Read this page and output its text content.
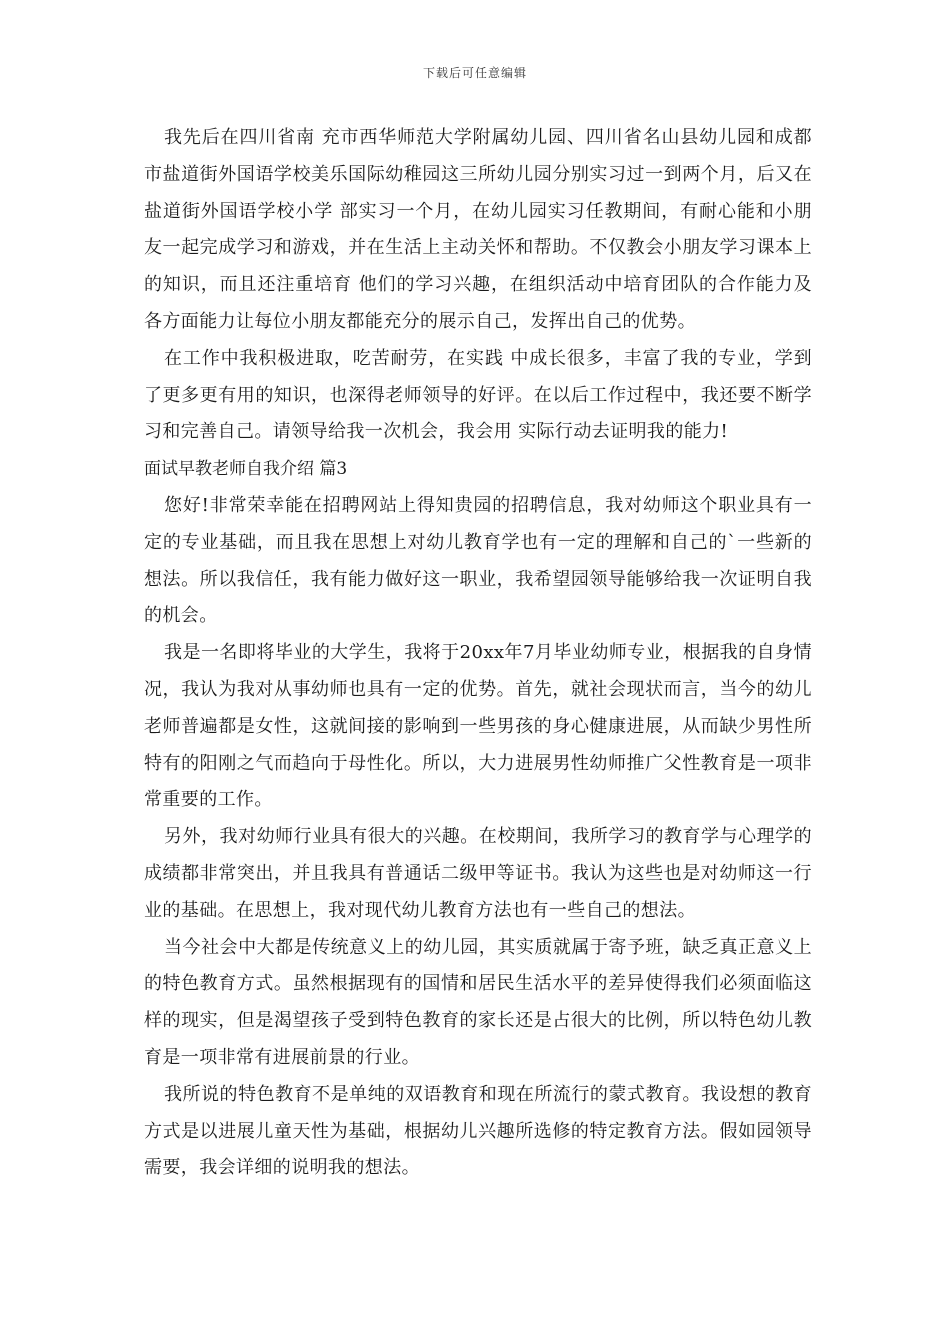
下载后可任意编辑

我先后在四川省南 充市西华师范大学附属幼儿园、四川省名山县幼儿园和成都市盐道街外国语学校美乐国际幼稚园这三所幼儿园分别实习过一到两个月，后又在盐道街外国语学校小学 部实习一个月，在幼儿园实习任教期间，有耐心能和小朋友一起完成学习和游戏，并在生活上主动关怀和帮助。不仅教会小朋友学习课本上的知识，而且还注重培育 他们的学习兴趣，在组织活动中培育团队的合作能力及各方面能力让每位小朋友都能充分的展示自己，发挥出自己的优势。

在工作中我积极进取，吃苦耐劳，在实践 中成长很多，丰富了我的专业，学到了更多更有用的知识，也深得老师领导的好评。在以后工作过程中，我还要不断学习和完善自己。请领导给我一次机会，我会用 实际行动去证明我的能力!

面试早教老师自我介绍 篇3

您好!非常荣幸能在招聘网站上得知贵园的招聘信息，我对幼师这个职业具有一定的专业基础，而且我在思想上对幼儿教育学也有一定的理解和自己的`一些新的想法。所以我信任，我有能力做好这一职业，我希望园领导能够给我一次证明自我的机会。

我是一名即将毕业的大学生，我将于20xx年7月毕业幼师专业，根据我的自身情况，我认为我对从事幼师也具有一定的优势。首先，就社会现状而言，当今的幼儿老师普遍都是女性，这就间接的影响到一些男孩的身心健康进展，从而缺少男性所特有的阳刚之气而趋向于母性化。所以，大力进展男性幼师推广父性教育是一项非常重要的工作。

另外，我对幼师行业具有很大的兴趣。在校期间，我所学习的教育学与心理学的成绩都非常突出，并且我具有普通话二级甲等证书。我认为这些也是对幼师这一行业的基础。在思想上，我对现代幼儿教育方法也有一些自己的想法。

当今社会中大都是传统意义上的幼儿园，其实质就属于寄予班，缺乏真正意义上的特色教育方式。虽然根据现有的国情和居民生活水平的差异使得我们必须面临这样的现实，但是渴望孩子受到特色教育的家长还是占很大的比例，所以特色幼儿教育是一项非常有进展前景的行业。

我所说的特色教育不是单纯的双语教育和现在所流行的蒙式教育。我设想的教育方式是以进展儿童天性为基础，根据幼儿兴趣所选修的特定教育方法。假如园领导需要，我会详细的说明我的想法。
